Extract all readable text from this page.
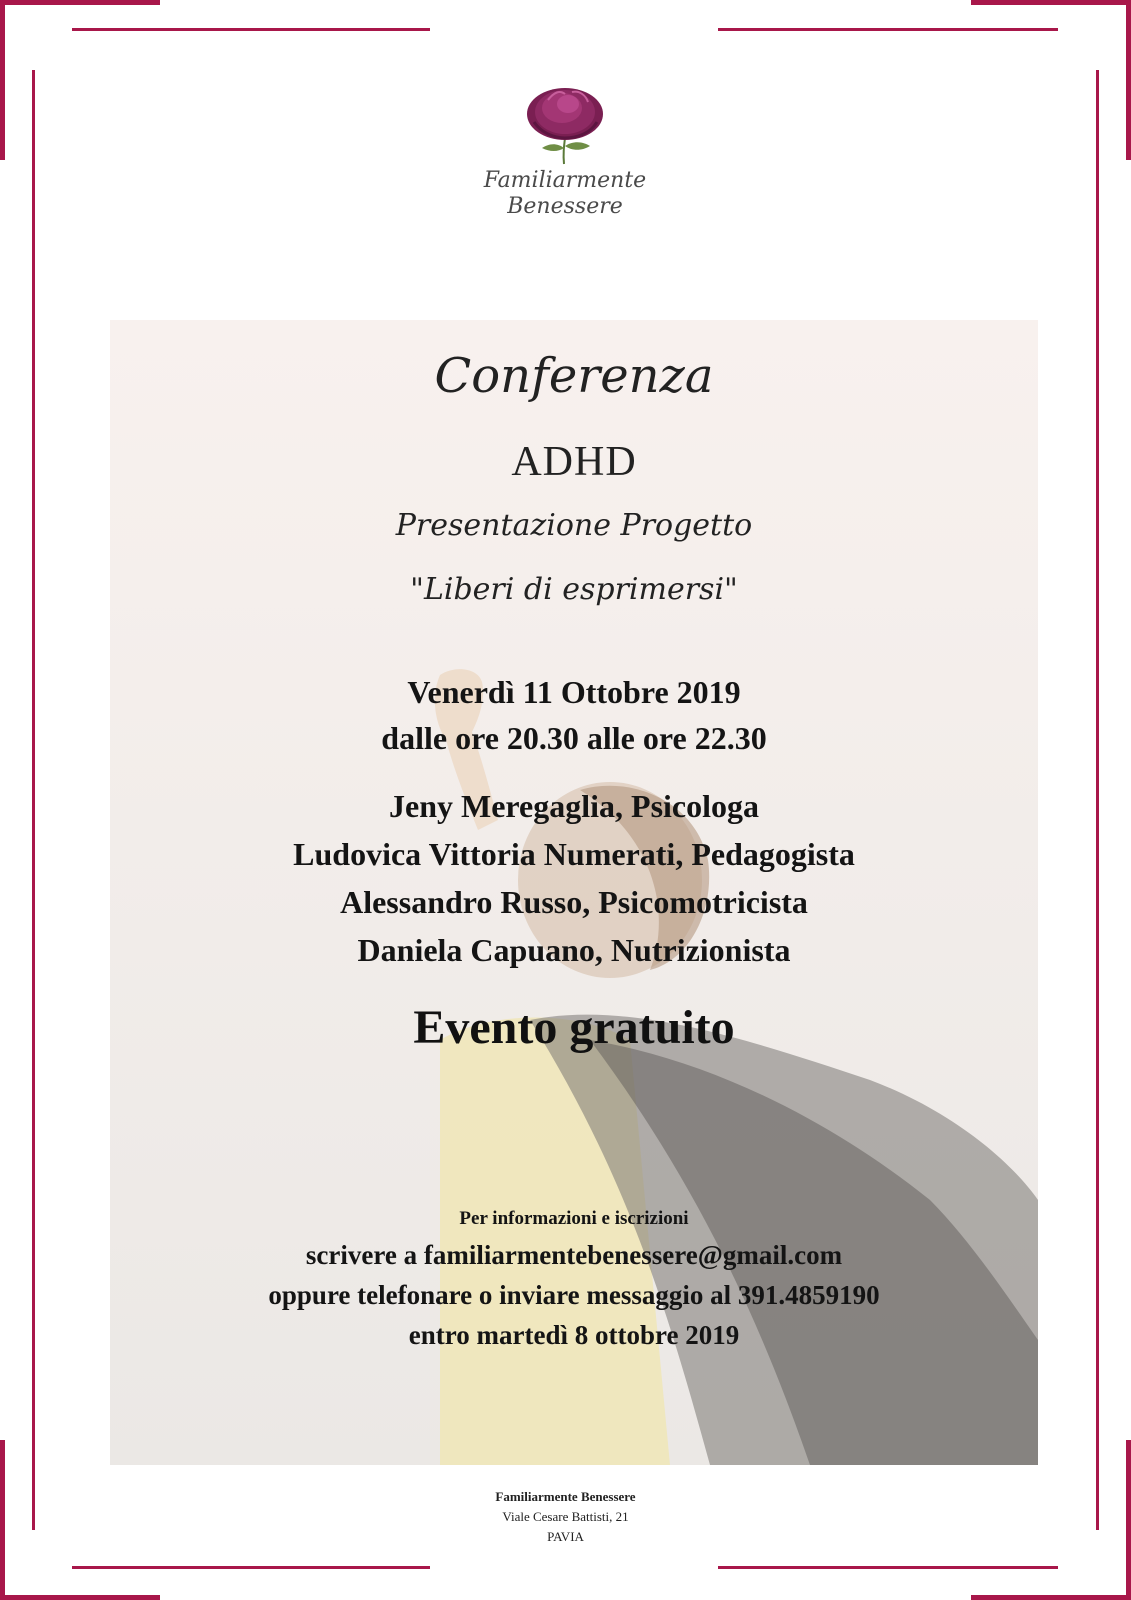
Familiarmente
Benessere
Conferenza
ADHD
Presentazione Progetto
"Liberi di esprimersi"
Venerdì 11 Ottobre 2019
dalle ore 20.30 alle ore 22.30
Jeny Meregaglia, Psicologa
Ludovica Vittoria Numerati, Pedagogista
Alessandro Russo, Psicomotricista
Daniela Capuano, Nutrizionista
Evento gratuito
Per informazioni e iscrizioni
scrivere a familiarmentebenessere@gmail.com
oppure telefonare o inviare messaggio al 391.4859190
entro martedì 8 ottobre 2019
Familiarmente Benessere
Viale Cesare Battisti, 21
PAVIA
